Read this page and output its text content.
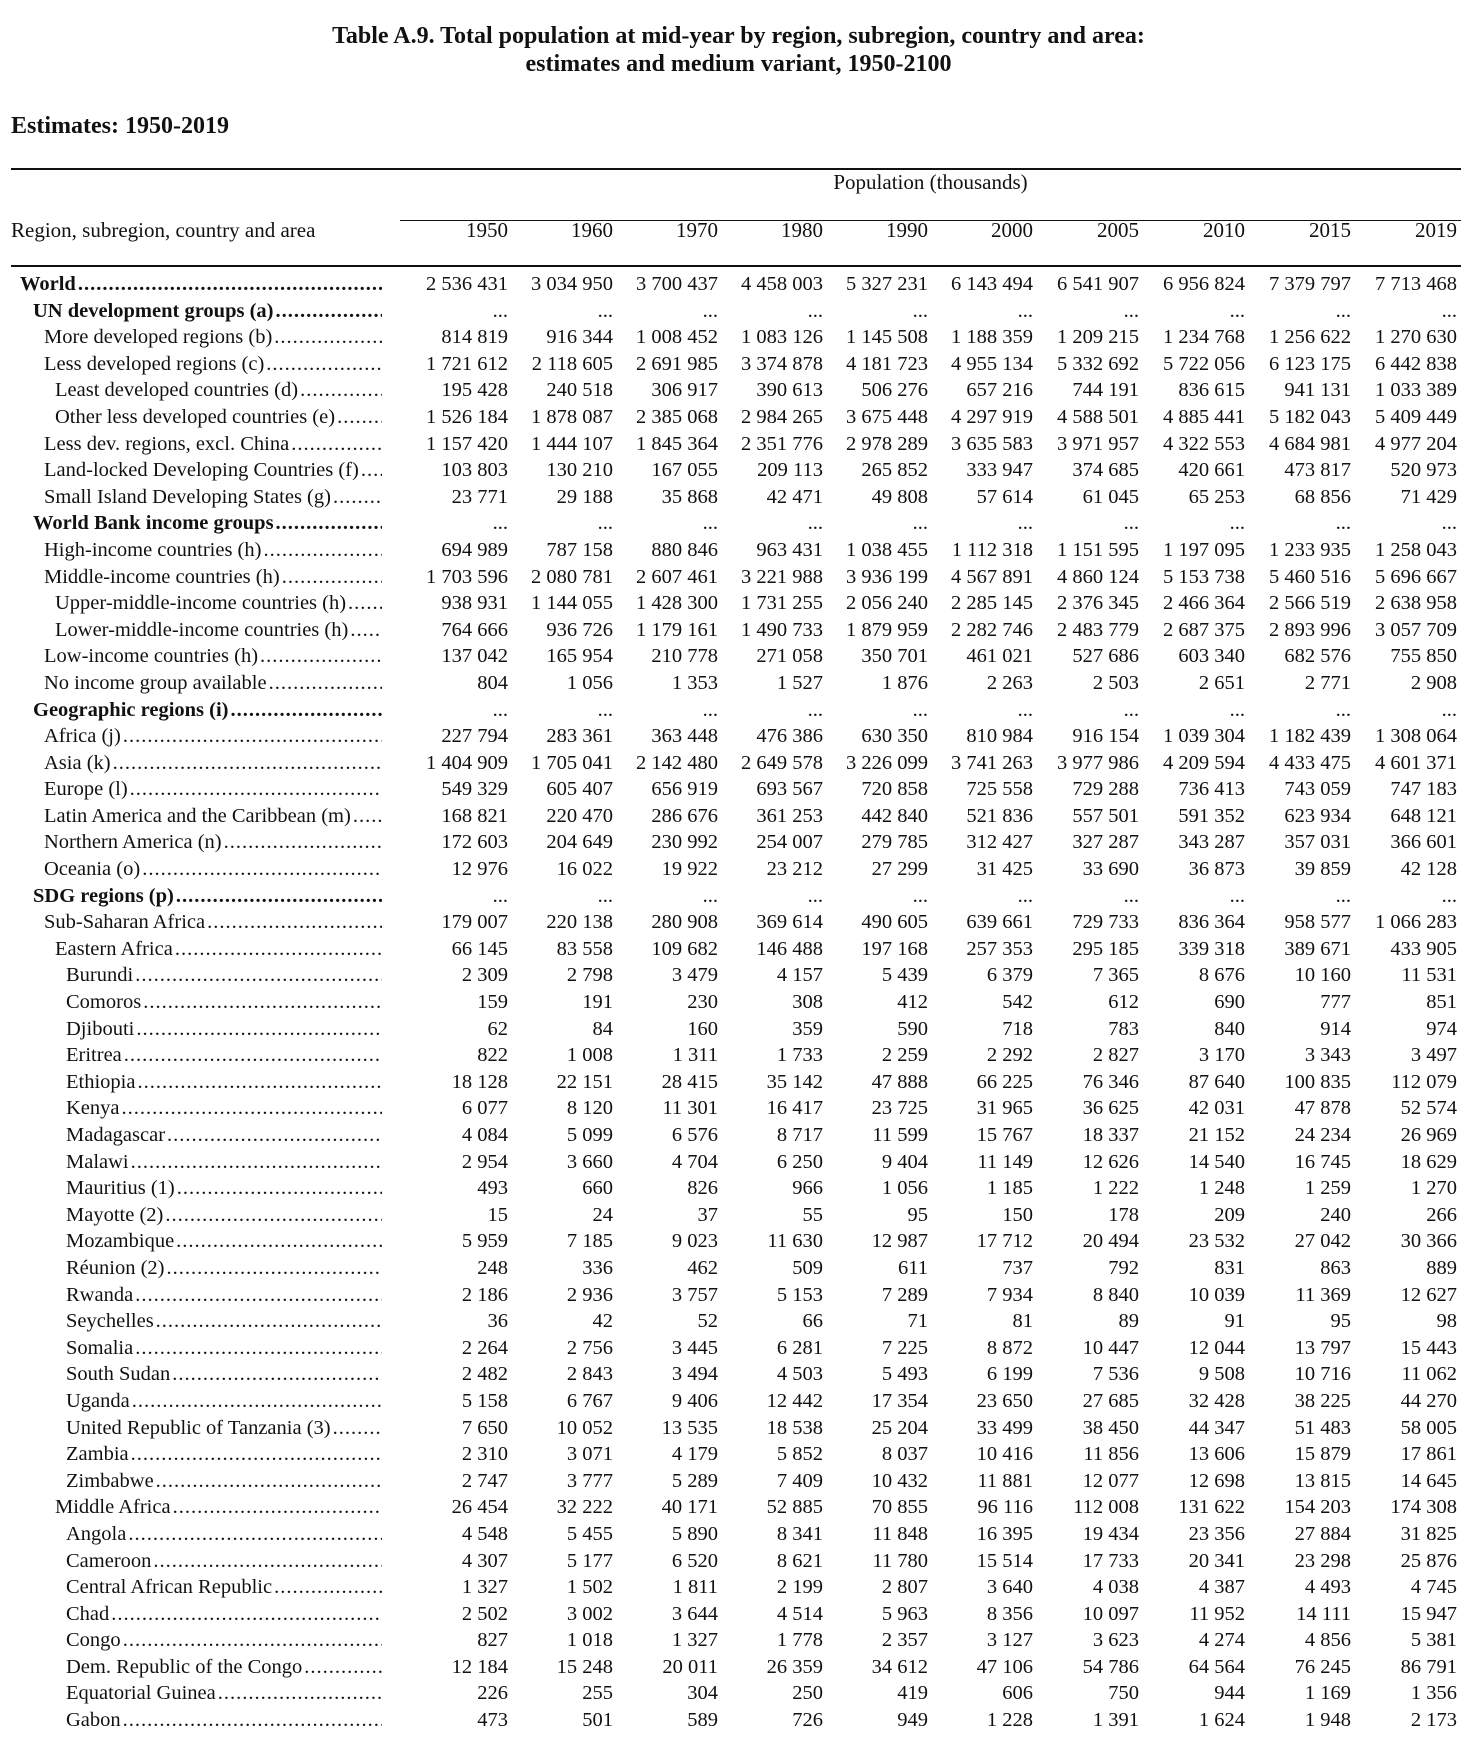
Table A.9. Total population at mid-year by region, subregion, country and area:
estimates and medium variant, 1950-2100
Estimates: 1950-2019
Population (thousands)
Region, subregion, country and area	1950	1960	1970	1980	1990	2000	2005	2010	2015	2019
World .....	2 536 431	3 034 950	3 700 437	4 458 003	5 327 231	6 143 494	6 541 907	6 956 824	7 379 797	7 713 468
UN development groups (a) .....	...	...	...	...	...	...	...	...	...	...
More developed regions (b) .....	814 819	916 344	1 008 452	1 083 126	1 145 508	1 188 359	1 209 215	1 234 768	1 256 622	1 270 630
Less developed regions (c) .....	1 721 612	2 118 605	2 691 985	3 374 878	4 181 723	4 955 134	5 332 692	5 722 056	6 123 175	6 442 838
Least developed countries (d) .....	195 428	240 518	306 917	390 613	506 276	657 216	744 191	836 615	941 131	1 033 389
Other less developed countries (e) .....	1 526 184	1 878 087	2 385 068	2 984 265	3 675 448	4 297 919	4 588 501	4 885 441	5 182 043	5 409 449
Less dev. regions, excl. China .....	1 157 420	1 444 107	1 845 364	2 351 776	2 978 289	3 635 583	3 971 957	4 322 553	4 684 981	4 977 204
Land-locked Developing Countries (f) .....	103 803	130 210	167 055	209 113	265 852	333 947	374 685	420 661	473 817	520 973
Small Island Developing States (g) .....	23 771	29 188	35 868	42 471	49 808	57 614	61 045	65 253	68 856	71 429
World Bank income groups .....	...	...	...	...	...	...	...	...	...	...
High-income countries (h) .....	694 989	787 158	880 846	963 431	1 038 455	1 112 318	1 151 595	1 197 095	1 233 935	1 258 043
Middle-income countries (h) .....	1 703 596	2 080 781	2 607 461	3 221 988	3 936 199	4 567 891	4 860 124	5 153 738	5 460 516	5 696 667
Upper-middle-income countries (h) .....	938 931	1 144 055	1 428 300	1 731 255	2 056 240	2 285 145	2 376 345	2 466 364	2 566 519	2 638 958
Lower-middle-income countries (h) .....	764 666	936 726	1 179 161	1 490 733	1 879 959	2 282 746	2 483 779	2 687 375	2 893 996	3 057 709
Low-income countries (h) .....	137 042	165 954	210 778	271 058	350 701	461 021	527 686	603 340	682 576	755 850
No income group available .....	804	1 056	1 353	1 527	1 876	2 263	2 503	2 651	2 771	2 908
Geographic regions (i) .....	...	...	...	...	...	...	...	...	...	...
Africa (j) .....	227 794	283 361	363 448	476 386	630 350	810 984	916 154	1 039 304	1 182 439	1 308 064
Asia (k) .....	1 404 909	1 705 041	2 142 480	2 649 578	3 226 099	3 741 263	3 977 986	4 209 594	4 433 475	4 601 371
Europe (l) .....	549 329	605 407	656 919	693 567	720 858	725 558	729 288	736 413	743 059	747 183
Latin America and the Caribbean (m) .....	168 821	220 470	286 676	361 253	442 840	521 836	557 501	591 352	623 934	648 121
Northern America (n) .....	172 603	204 649	230 992	254 007	279 785	312 427	327 287	343 287	357 031	366 601
Oceania (o) .....	12 976	16 022	19 922	23 212	27 299	31 425	33 690	36 873	39 859	42 128
SDG regions (p) .....	...	...	...	...	...	...	...	...	...	...
Sub-Saharan Africa .....	179 007	220 138	280 908	369 614	490 605	639 661	729 733	836 364	958 577	1 066 283
Eastern Africa .....	66 145	83 558	109 682	146 488	197 168	257 353	295 185	339 318	389 671	433 905
Burundi .....	2 309	2 798	3 479	4 157	5 439	6 379	7 365	8 676	10 160	11 531
Comoros .....	159	191	230	308	412	542	612	690	777	851
Djibouti .....	62	84	160	359	590	718	783	840	914	974
Eritrea .....	822	1 008	1 311	1 733	2 259	2 292	2 827	3 170	3 343	3 497
Ethiopia .....	18 128	22 151	28 415	35 142	47 888	66 225	76 346	87 640	100 835	112 079
Kenya .....	6 077	8 120	11 301	16 417	23 725	31 965	36 625	42 031	47 878	52 574
Madagascar .....	4 084	5 099	6 576	8 717	11 599	15 767	18 337	21 152	24 234	26 969
Malawi .....	2 954	3 660	4 704	6 250	9 404	11 149	12 626	14 540	16 745	18 629
Mauritius (1) .....	493	660	826	966	1 056	1 185	1 222	1 248	1 259	1 270
Mayotte (2) .....	15	24	37	55	95	150	178	209	240	266
Mozambique .....	5 959	7 185	9 023	11 630	12 987	17 712	20 494	23 532	27 042	30 366
Réunion (2) .....	248	336	462	509	611	737	792	831	863	889
Rwanda .....	2 186	2 936	3 757	5 153	7 289	7 934	8 840	10 039	11 369	12 627
Seychelles .....	36	42	52	66	71	81	89	91	95	98
Somalia .....	2 264	2 756	3 445	6 281	7 225	8 872	10 447	12 044	13 797	15 443
South Sudan .....	2 482	2 843	3 494	4 503	5 493	6 199	7 536	9 508	10 716	11 062
Uganda .....	5 158	6 767	9 406	12 442	17 354	23 650	27 685	32 428	38 225	44 270
United Republic of Tanzania (3) .....	7 650	10 052	13 535	18 538	25 204	33 499	38 450	44 347	51 483	58 005
Zambia .....	2 310	3 071	4 179	5 852	8 037	10 416	11 856	13 606	15 879	17 861
Zimbabwe .....	2 747	3 777	5 289	7 409	10 432	11 881	12 077	12 698	13 815	14 645
Middle Africa .....	26 454	32 222	40 171	52 885	70 855	96 116	112 008	131 622	154 203	174 308
Angola .....	4 548	5 455	5 890	8 341	11 848	16 395	19 434	23 356	27 884	31 825
Cameroon .....	4 307	5 177	6 520	8 621	11 780	15 514	17 733	20 341	23 298	25 876
Central African Republic .....	1 327	1 502	1 811	2 199	2 807	3 640	4 038	4 387	4 493	4 745
Chad .....	2 502	3 002	3 644	4 514	5 963	8 356	10 097	11 952	14 111	15 947
Congo .....	827	1 018	1 327	1 778	2 357	3 127	3 623	4 274	4 856	5 381
Dem. Republic of the Congo .....	12 184	15 248	20 011	26 359	34 612	47 106	54 786	64 564	76 245	86 791
Equatorial Guinea .....	226	255	304	250	419	606	750	944	1 169	1 356
Gabon .....	473	501	589	726	949	1 228	1 391	1 624	1 948	2 173
